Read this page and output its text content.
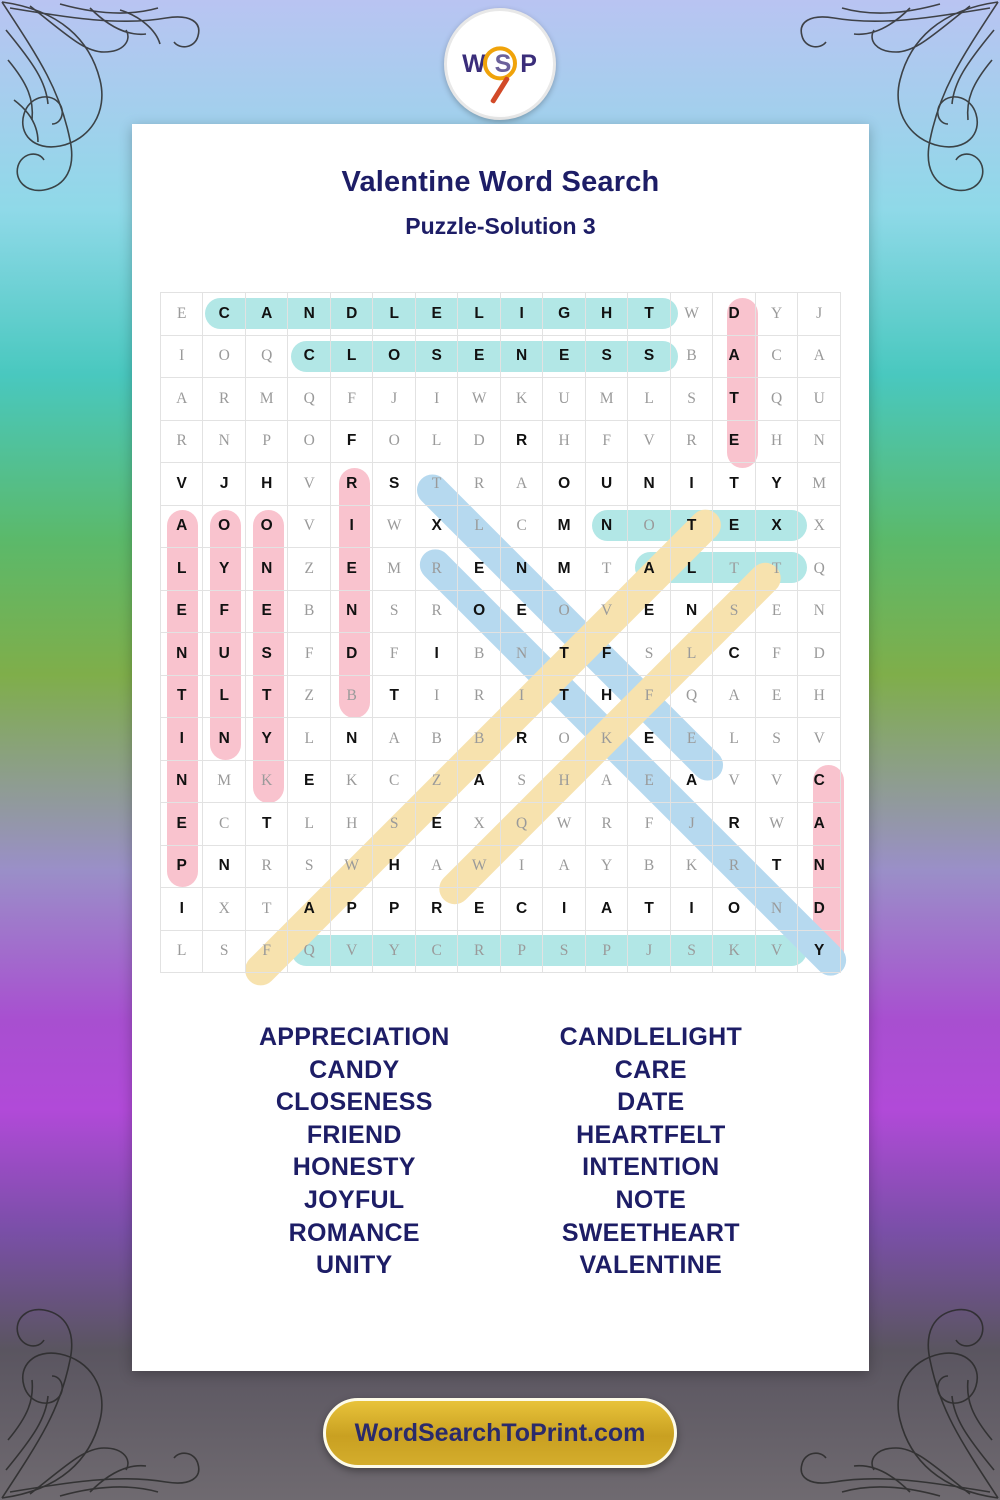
W S P
Valentine Word Search
Puzzle-Solution 3
E	C	A	N	D	L	E	L	I	G	H	T	W	D	Y	J
I	O	Q	C	L	O	S	E	N	E	S	S	B	A	C	A
A	R	M	Q	F	J	I	W	K	U	M	L	S	T	Q	U
R	N	P	O	F	O	L	D	R	H	F	V	R	E	H	N
V	J	H	V	R	S	T	R	A	O	U	N	I	T	Y	M
A	O	O	V	I	W	X	L	C	M	N	O	T	E	X	X
L	Y	N	Z	E	M	R	E	N	M	T	A	L	T	T	Q
E	F	E	B	N	S	R	O	E	O	V	E	N	S	E	N
N	U	S	F	D	F	I	B	N	T	F	S	L	C	F	D
T	L	T	Z	B	T	I	R	I	T	H	F	Q	A	E	H
I	N	Y	L	N	A	B	B	R	O	K	E	E	L	S	V
N	M	K	E	K	C	Z	A	S	H	A	E	A	V	V	C
E	C	T	L	H	S	E	X	Q	W	R	F	J	R	W	A
P	N	R	S	W	H	A	W	I	A	Y	B	K	R	T	N
I	X	T	A	P	P	R	E	C	I	A	T	I	O	N	D
L	S	F	Q	V	Y	C	R	P	S	P	J	S	K	V	Y
APPRECIATION
CANDY
CLOSENESS
FRIEND
HONESTY
JOYFUL
ROMANCE
UNITY
CANDLELIGHT
CARE
DATE
HEARTFELT
INTENTION
NOTE
SWEETHEART
VALENTINE
WordSearchToPrint.com
